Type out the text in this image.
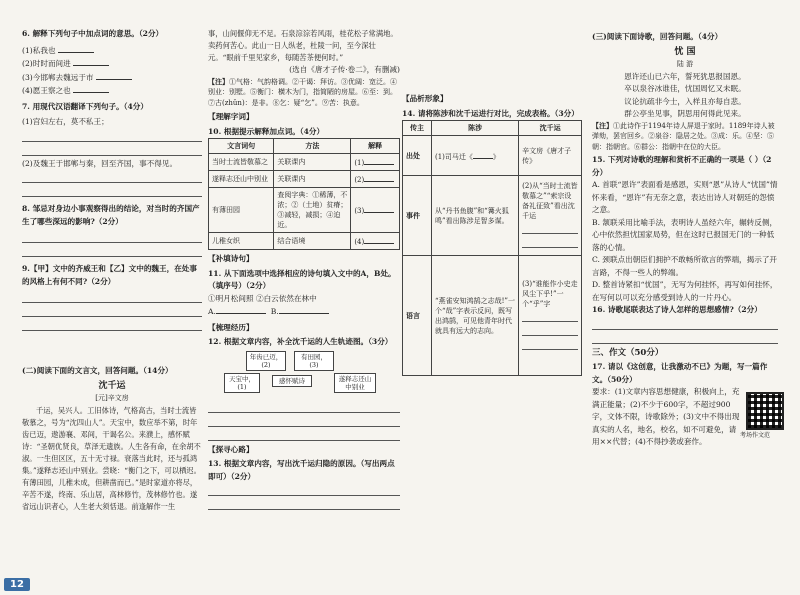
6. 解释下列句子中加点词的意思。（2分）
(1)私我也
(2)时时而间进
(3)今邯郸去魏远于市
(4)愿王察之也
7. 用现代汉语翻译下列句子。（4分）
(1)宫妇左右，莫不私王；
(2)及魏王于邯郸与秦，回至齐国，事不得见。
8. 邹忌对身边小事观察得出的结论，对当时的齐国产生了哪些深远的影响?（2分）
9.【甲】文中的齐威王和【乙】文中的魏王，在处事的风格上有何不同?（2分）
(二)阅读下面的文言文，回答问题。（14分）
沈千运
[元]辛文房
千运，吴兴人。工旧体诗，气格高古，当时士流皆敬慕之，号为“沈四山人”。天宝中，数应举不第，时年齿已迈，遨游襄、邓间，干谒名公。来濮上，感怀赋诗：“圣朝优贤良，草泽无遗族。人生各有命，在余胡不淑。一生但区区，五十无寸禄。衰落当此时，还与孤鸿集。”遂释志还山中别业。尝晓：“衡门之下，可以栖迟。有薄田园，儿稚未成，但耕凿而已。”是时家道亦将尽，辛苦不遂，终南、乐山居，高林修竹，茂林修竹也。遂省远山识者心，人生老大须恬退。前逢解作一生
事，山间偃仰无不足。石泉淙淙若风雨，桂花松子常满地。卖药何苦心。此山一日人纵老，杜陵一问，至今深壮元。“眼前千里见家乡，每随苦茶便何时。”
(选自《唐才子传·卷二》，有删减)
【注】①气格：气韵格调。②干谒：拜访。③优阔：宽泛。④别业：别墅。⑤衡门：横木为门，指简陋的房屋。⑥至：到。⑦古(zhǔn)：是非。⑧乞：疑“乞”。⑨苦：执意。
【理解字词】
10. 根据提示解释加点词。（4分）
文言词句	方法	解释
当时士流皆敬慕之	关联课内	(1)
遂释志还山中别业	关联课内	(2)
有薄田园	查阅字典：①稀薄，不浓；②（土地）贫瘠；③减轻，减损；④迫近。	(3)
儿稚女织	结合语境	(4)
【补填诗句】
11. 从下面选项中选择相应的诗句填入文中的A，B处。（填序号）（2分）
①明月松间照 ②白云依然在林中
A.	B.
【梳理经历】
12. 根据文章内容，补全沈千运的人生轨迹图。（3分）
年齿已迈，(2)
有田园，(3)
天宝中，(1)
感怀赋诗	遂释志还山中别业
【探寻心路】
13. 根据文章内容，写出沈千运归隐的原因。（写出两点即可）（2分）
【品析形象】
14. 请将陈涉和沈千运进行对比，完成表格。（3分）
传主	陈涉	沈千运
出处	(1)司马迁《 》	辛文房《唐才子传》
事件	从“丹书鱼腹”和“篝火狐鸣”看出陈涉足智多谋。	(2)从“当时士流皆敬慕之”“索宗设备礼征致”看出沈千运

语言	“燕雀安知鸿鹄之志哉!”一个“哉”字表示反问，既写出鸿鹄，可见他青年时代就具有远大的志向。	(3)“谁能作小史走风尘下乎!”一个“乎”字
(三)阅读下面诗歌，回答问题。（4分）
忧 国
陆 游
恩许还山已六年，誓死犹思报国恩。
卒以泉谷冰谁佳，忧国周忆又未眠。
议论抗疏非今士，入样且亦每自悲。
群公亭坐见事，阴思用何得此见来。
【注】①此诗作于1194年诗人屏退于家时。1189年诗人被弹劾，罢官回乡。②泉谷：隐居之处。③成：乐。④坚：⑤朝：指朝官。⑥群公：指朝中在位的大臣。
15. 下列对诗歌的理解和赏析不正确的一项是（ ）（2分）
A. 首联“恩许”表面看是感恩，实则“恩”从诗人“忧国”情怀来看，“恩许”有无奈之意，表达出诗人对朝廷的怨愤之意。
B. 颔联采用比喻手法，表明诗人虽经六年，辗转反侧，心中依然担忧国家局势，但在这时已报国无门的一种低落的心情。
C. 颈联点出朝臣们拥护不敢畅所欲言的弊端，揭示了开言路，不得一些人的弊端。
D. 整首诗紧扣“忧国”，无写为何挂怀，再写如何挂怀，在写何以可以充分感受到诗人的一片丹心。
16. 诗歌尾联表达了诗人怎样的思想感情?（2分）
三、作文（50分）
17. 请以《这创意，让我激动不已》为题，写一篇作文。（50分）
要求：(1)文章内容思想健康，积极向上，充满正能量；(2)不少于600字，不超过900字，文体不限，诗歌除外；(3)文中不得出现真实的人名，地名，校名，如不可避免，请用××代替；(4)不得抄袭或套作。
考场作文范
12
